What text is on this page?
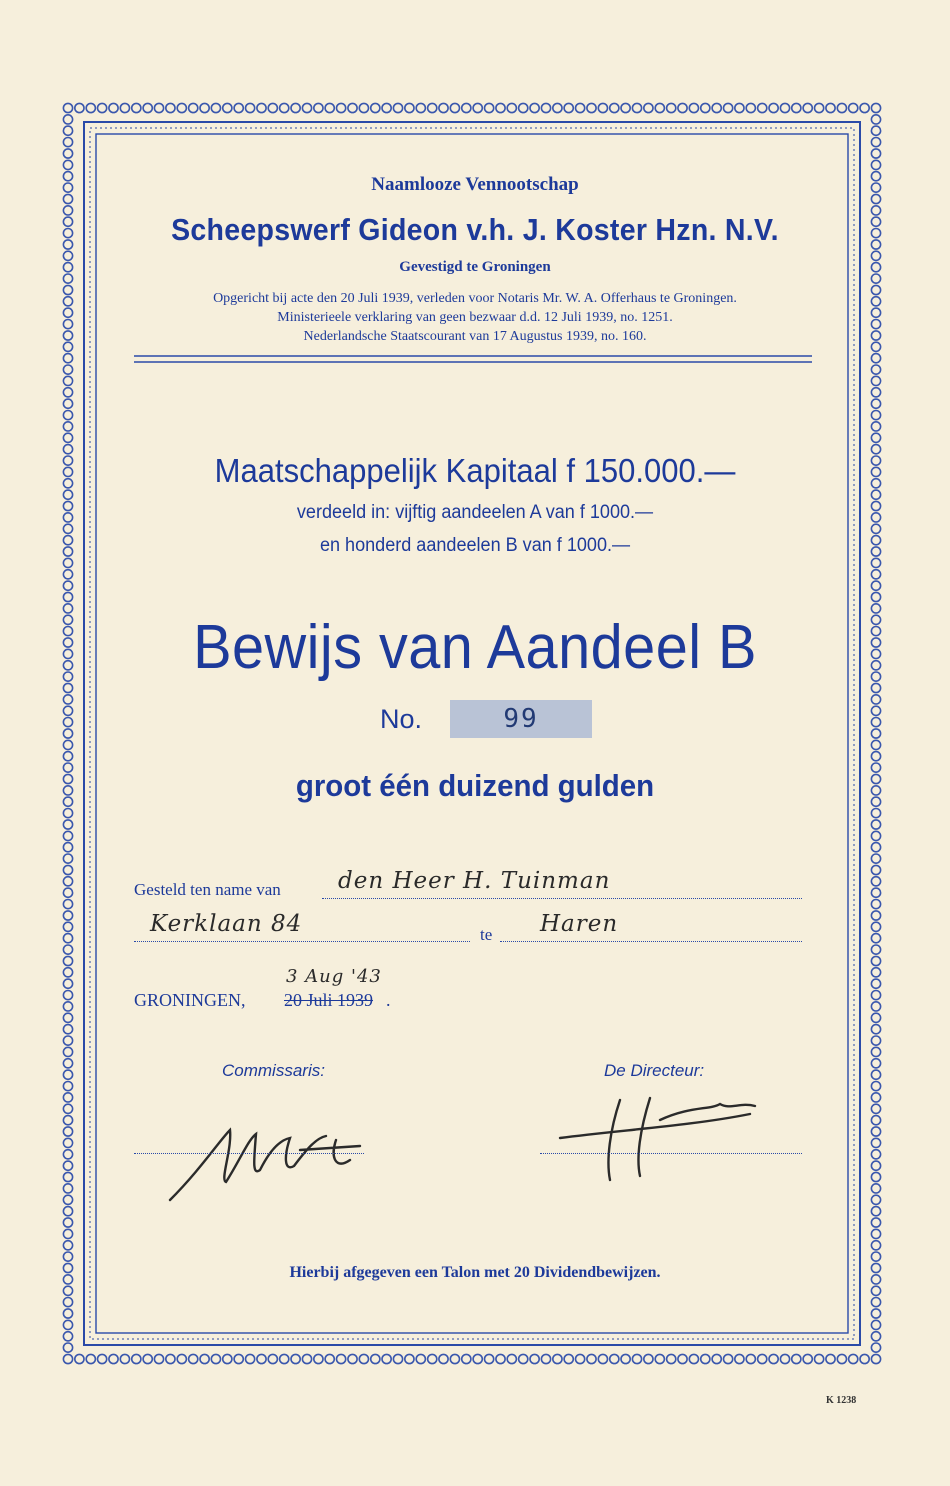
Naamlooze Vennootschap
Scheepswerf Gideon v.h. J. Koster Hzn. N.V.
Gevestigd te Groningen
Opgericht bij acte den 20 Juli 1939, verleden voor Notaris Mr. W. A. Offerhaus te Groningen.
Ministerieele verklaring van geen bezwaar d.d. 12 Juli 1939, no. 1251.
Nederlandsche Staatscourant van 17 Augustus 1939, no. 160.
Maatschappelijk Kapitaal f 150.000.—
verdeeld in: vijftig aandeelen A van f 1000.—
en honderd aandeelen B van f 1000.—
Bewijs van Aandeel B
No.	99
groot één duizend gulden
Gesteld ten name van den Heer H. Tuinman
Kerklaan 84	te Haren
GRONINGEN,
3 Aug '43
20 Juli 1939 .
Commissaris:	De Directeur:
Hierbij afgegeven een Talon met 20 Dividendbewijzen.
K 1238
